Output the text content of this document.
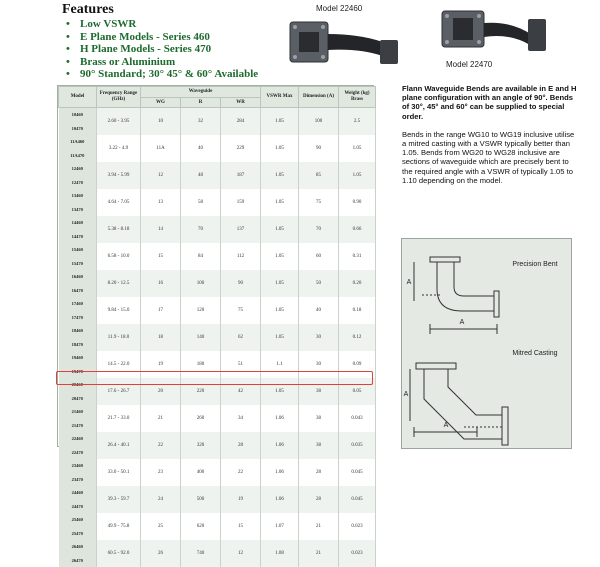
Features
• Low VSWR
• E Plane Models - Series 460
• H Plane Models - Series 470
• Brass or Aluminium
• 90° Standard; 30° 45° & 60° Available
Model 22460
Model 22470
Model	Frequency Range (GHz)	Waveguide			VSWR Max	Dimension (A)	Weight (kg) Brass
		WG	R	WR			

10460
10470	2.60 - 3.95	10	32	284	1.05	100	2.5

11A460
11A470	3.22 - 4.9	11A	40	229	1.05	90	1.05

12460
12470	3.94 - 5.99	12	48	187	1.05	85	1.05

13460
13470	4.64 - 7.05	13	58	159	1.05	75	0.90

14460
14470	5.38 - 8.18	14	70	137	1.05	70	0.66

15460
15470	6.58 - 10.0	15	84	112	1.05	60	0.31

16460
16470	8.20 - 12.5	16	100	90	1.05	50	0.20

17460
17470	9.84 - 15.0	17	120	75	1.05	40	0.18

18460
18470	11.9 - 18.0	18	140	62	1.05	30	0.12

19460
19470	14.5 - 22.0	19	180	51	1.1	30	0.09

20460
20470	17.6 - 26.7	20	220	42	1.05	38	0.05

21460
21470	21.7 - 33.0	21	260	34	1.06	38	0.043

22460
22470	26.4 - 40.1	22	320	28	1.06	38	0.035

23460
23470	33.0 - 50.1	23	400	22	1.06	28	0.045

24460
24470	39.3 - 59.7	24	500	19	1.06	28	0.045

25460
25470	49.9 - 75.8	25	620	15	1.07	21	0.023

26460
26470	60.5 - 92.0	26	740	12	1.08	21	0.023

Flann Waveguide Bends are available in E and H plane configuration with an angle of 90°. Bends of 30°, 45° and 60° can be supplied to special order.

Bends in the range WG10 to WG19 inclusive utilise a mitred casting with a VSWR typically better than 1.05. Bends from WG20 to WG28 inclusive are sections of waveguide which are precisely bent to the required angle with a VSWR of typically 1.05 to 1.10 depending on the model.

Precision Bent
Mitred Casting
A
A
A
A
